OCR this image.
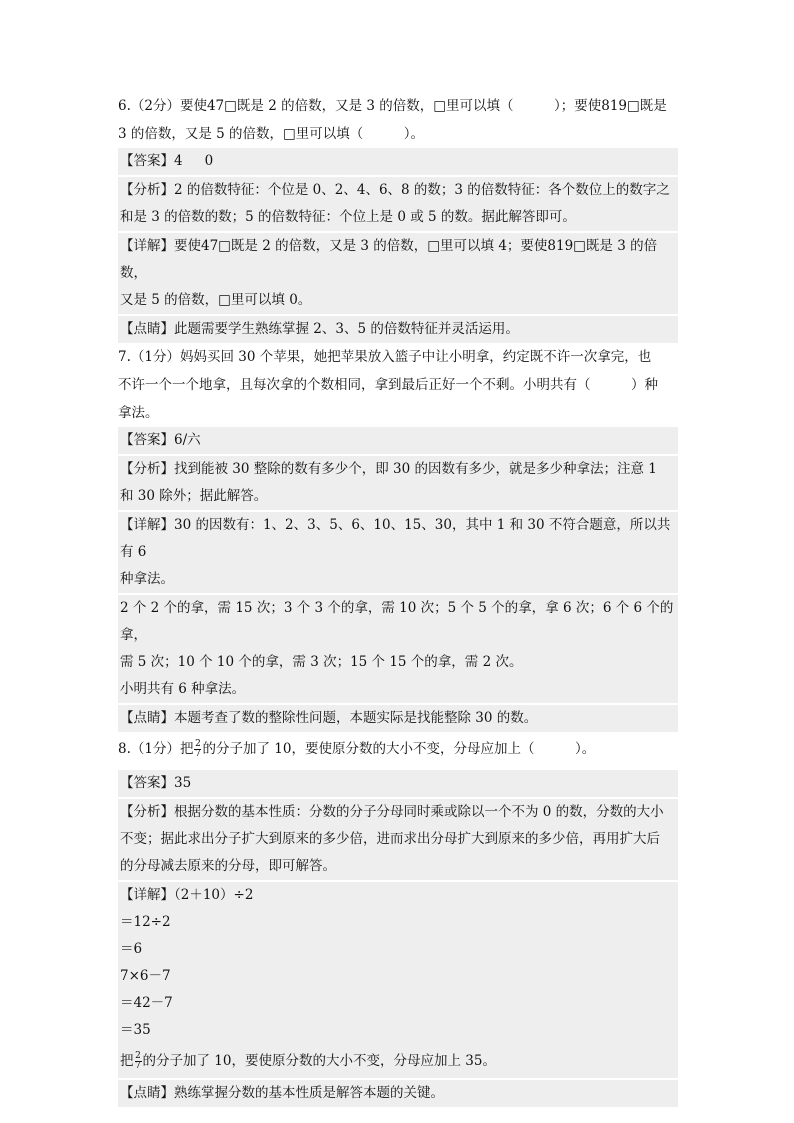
6.（2分）要使47□既是 2 的倍数，又是 3 的倍数，□里可以填（　　　）；要使819□既是

3 的倍数，又是 5 的倍数，□里可以填（　　　）。

【答案】4 0

【分析】2 的倍数特征：个位是 0、2、4、6、8 的数；3 的倍数特征：各个数位上的数字之
和是 3 的倍数的数；5 的倍数特征：个位上是 0 或 5 的数。据此解答即可。

【详解】要使47□既是 2 的倍数，又是 3 的倍数，□里可以填 4；要使819□既是 3 的倍数，
又是 5 的倍数，□里可以填 0。

【点睛】此题需要学生熟练掌握 2、3、5 的倍数特征并灵活运用。

7.（1分）妈妈买回 30 个苹果，她把苹果放入篮子中让小明拿，约定既不许一次拿完，也

不许一个一个地拿，且每次拿的个数相同，拿到最后正好一个不剩。小明共有（　　　）种

拿法。

【答案】6/六

【分析】找到能被 30 整除的数有多少个，即 30 的因数有多少，就是多少种拿法；注意 1
和 30 除外；据此解答。

【详解】30 的因数有：1、2、3、5、6、10、15、30，其中 1 和 30 不符合题意，所以共有 6
种拿法。

2 个 2 个的拿，需 15 次；3 个 3 个的拿，需 10 次；5 个 5 个的拿，拿 6 次；6 个 6 个的拿，
需 5 次；10 个 10 个的拿，需 3 次；15 个 15 个的拿，需 2 次。

小明共有 6 种拿法。

【点睛】本题考查了数的整除性问题，本题实际是找能整除 30 的数。

8.（1分）把 $\frac{2}{7}$ 的分子加了 10，要使原分数的大小不变，分母应加上（　　　）。

【答案】35

【分析】根据分数的基本性质：分数的分子分母同时乘或除以一个不为 0 的数，分数的大小
不变；据此求出分子扩大到原来的多少倍，进而求出分母扩大到原来的多少倍，再用扩大后
的分母减去原来的分母，即可解答。

【详解】（2＋10）÷2

＝12÷2

＝6

7×6－7

＝42－7

＝35

把 $\frac{2}{7}$ 的分子加了 10，要使原分数的大小不变，分母应加上 35。

【点睛】熟练掌握分数的基本性质是解答本题的关键。
